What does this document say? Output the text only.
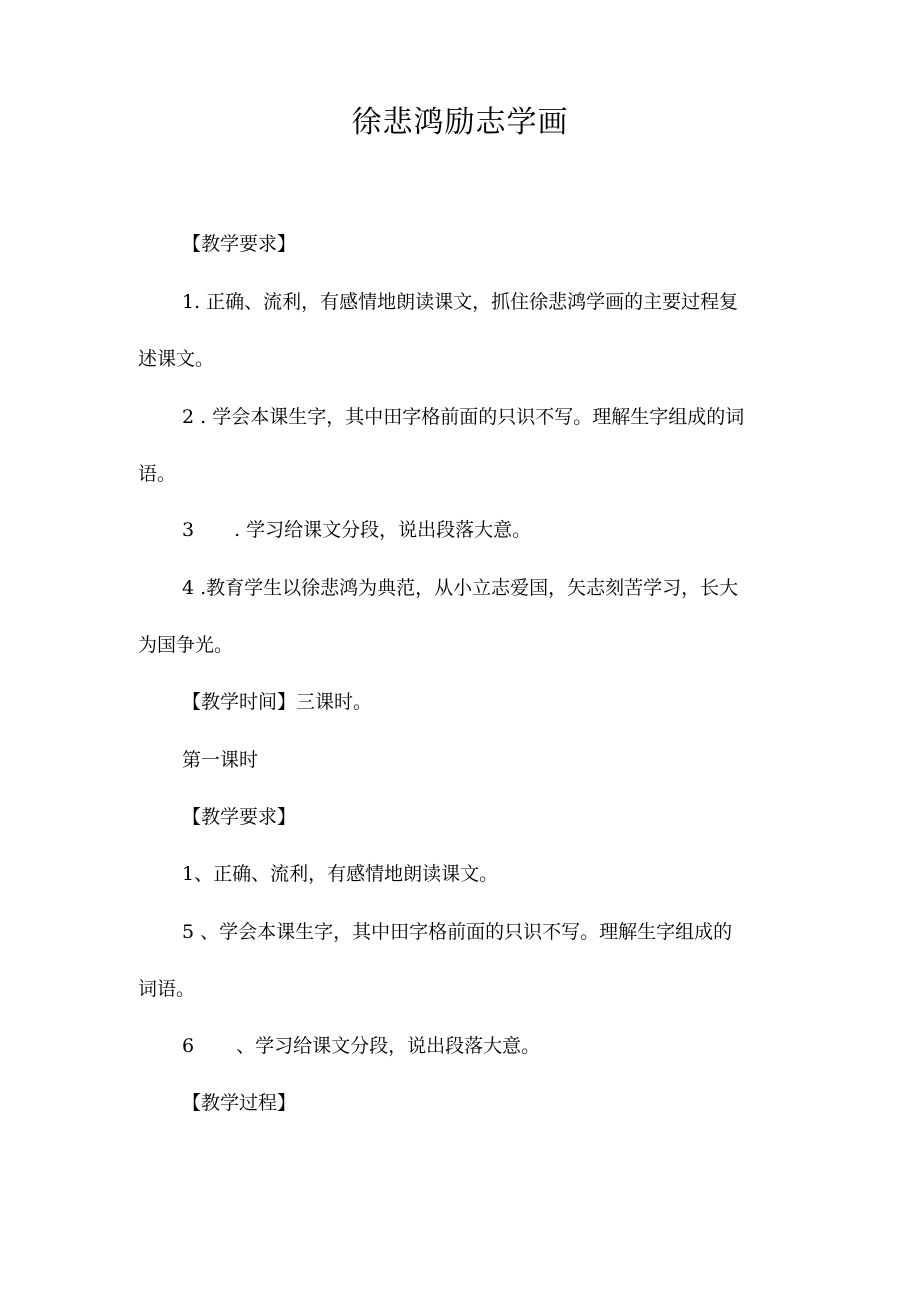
徐悲鸿励志学画
【教学要求】
1. 正确、流利，有感情地朗读课文，抓住徐悲鸿学画的主要过程复
述课文。
2 . 学会本课生字，其中田字格前面的只识不写。理解生字组成的词
语。
3 . 学习给课文分段，说出段落大意。
4 .教育学生以徐悲鸿为典范，从小立志爱国，矢志刻苦学习，长大
为国争光。
【教学时间】三课时。
第一课时
【教学要求】
1、正确、流利，有感情地朗读课文。
5 、学会本课生字，其中田字格前面的只识不写。理解生字组成的
词语。
6 、学习给课文分段，说出段落大意。
【教学过程】
